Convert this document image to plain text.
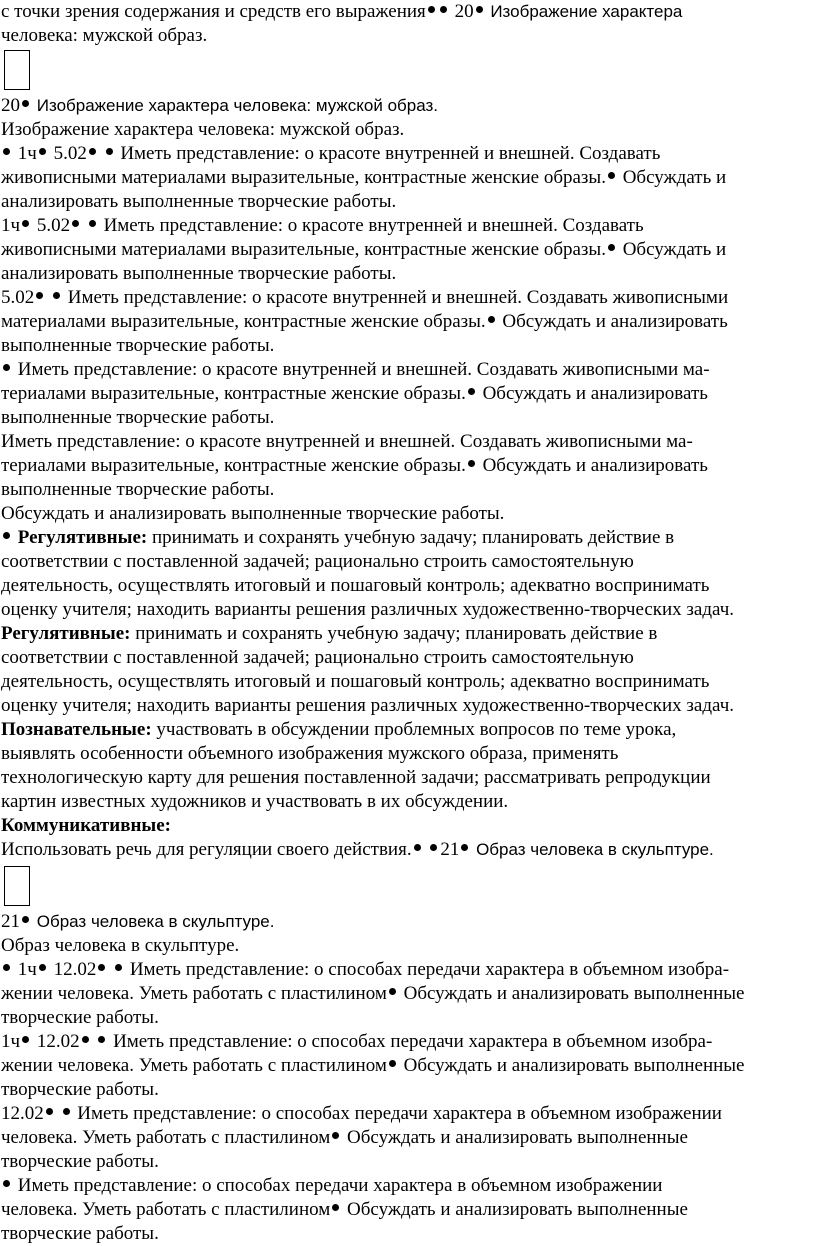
с точки зрения содержания и средств его выражения 20 Изображение характера
человека: мужской образ.
20 Изображение характера человека: мужской образ.
Изображение характера человека: мужской образ.
1ч 5.02 Иметь представление: о красоте внутренней и внешней. Создавать
живописными материалами выразительные, контрастные женские образы. Обсуждать и
анализировать выполненные творческие работы.
1ч 5.02 Иметь представление: о красоте внутренней и внешней. Создавать
живописными материалами выразительные, контрастные женские образы. Обсуждать и
анализировать выполненные творческие работы.
5.02 Иметь представление: о красоте внутренней и внешней. Создавать живописными
материалами выразительные, контрастные женские образы. Обсуждать и анализировать
выполненные творческие работы.
Иметь представление: о красоте внутренней и внешней. Создавать живописными ма-
териалами выразительные, контрастные женские образы. Обсуждать и анализировать
выполненные творческие работы.
Иметь представление: о красоте внутренней и внешней. Создавать живописными ма-
териалами выразительные, контрастные женские образы. Обсуждать и анализировать
выполненные творческие работы.
Обсуждать и анализировать выполненные творческие работы.
Регулятивные: принимать и сохранять учебную задачу; планировать действие в
соответствии с поставленной задачей; рационально строить самостоятельную
деятельность, осуществлять итоговый и пошаговый контроль; адекватно воспринимать
оценку учителя; находить варианты решения различных художественно-творческих задач.
Регулятивные: принимать и сохранять учебную задачу; планировать действие в
соответствии с поставленной задачей; рационально строить самостоятельную
деятельность, осуществлять итоговый и пошаговый контроль; адекватно воспринимать
оценку учителя; находить варианты решения различных художественно-творческих задач.
Познавательные: участвовать в обсуждении проблемных вопросов по теме урока,
выявлять особенности объемного изображения мужского образа, применять
технологическую карту для решения поставленной задачи; рассматривать репродукции
картин известных художников и участвовать в их обсуждении.
Коммуникативные:
Использовать речь для регуляции своего действия. 21 Образ человека в скульптуре.
21 Образ человека в скульптуре.
Образ человека в скульптуре.
1ч 12.02 Иметь представление: о способах передачи характера в объемном изобра-
жении человека. Уметь работать с пластилином Обсуждать и анализировать выполненные
творческие работы.
1ч 12.02 Иметь представление: о способах передачи характера в объемном изобра-
жении человека. Уметь работать с пластилином Обсуждать и анализировать выполненные
творческие работы.
12.02 Иметь представление: о способах передачи характера в объемном изображении
человека. Уметь работать с пластилином Обсуждать и анализировать выполненные
творческие работы.
Иметь представление: о способах передачи характера в объемном изображении
человека. Уметь работать с пластилином Обсуждать и анализировать выполненные
творческие работы.
